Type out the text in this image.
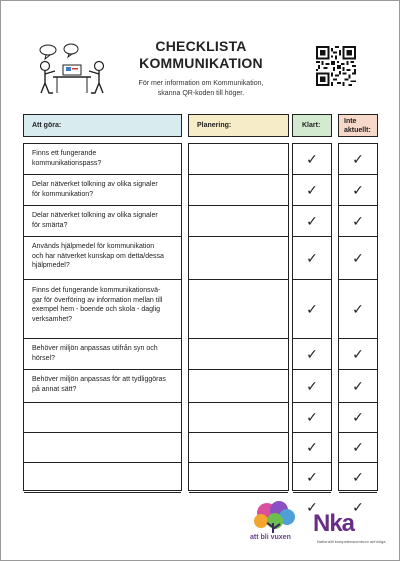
CHECKLISTA
KOMMUNIKATION
För mer information om Kommunikation,
skanna QR-koden till höger.
Att göra:	Planering:	Klart:
Inte aktuellt:
Finns ett fungerande
kommunikationspass?
Delar nätverket tolkning av olika signaler
för kommunikation?
Delar nätverket tolkning av olika signaler
för smärta?
Används hjälpmedel för kommunikation
och har nätverket kunskap om detta/dessa
hjälpmedel?
Finns det fungerande kommunikationsvä-
gar för överföring av information mellan till
exempel hem - boende och skola - daglig
verksamhet?
Behöver miljön anpassas utifrån syn och
hörsel?
Behöver miljön anpassas för att tydliggöras
på annat sätt?
✓
✓
✓
✓
✓
✓
✓
✓
✓
✓
✓
✓
✓
✓
✓
✓
✓
✓
✓
✓
✓
✓
att bli vuxen
Nka
Nationellt kompetenscentrum anhöriga
